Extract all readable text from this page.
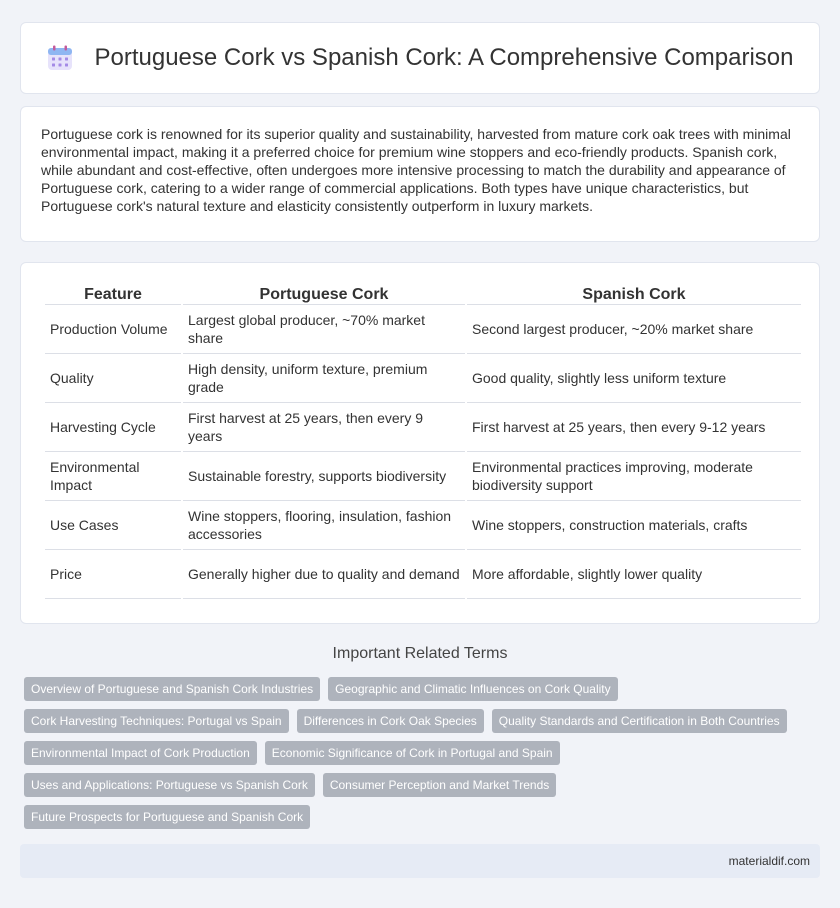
Portuguese Cork vs Spanish Cork: A Comprehensive Comparison

Portuguese cork is renowned for its superior quality and sustainability, harvested from mature cork oak trees with minimal environmental impact, making it a preferred choice for premium wine stoppers and eco-friendly products. Spanish cork, while abundant and cost-effective, often undergoes more intensive processing to match the durability and appearance of Portuguese cork, catering to a wider range of commercial applications. Both types have unique characteristics, but Portuguese cork's natural texture and elasticity consistently outperform in luxury markets.

Feature	Portuguese Cork	Spanish Cork
Production Volume	Largest global producer, ~70% market share	Second largest producer, ~20% market share
Quality	High density, uniform texture, premium grade	Good quality, slightly less uniform texture
Harvesting Cycle	First harvest at 25 years, then every 9 years	First harvest at 25 years, then every 9-12 years
Environmental Impact	Sustainable forestry, supports biodiversity	Environmental practices improving, moderate biodiversity support
Use Cases	Wine stoppers, flooring, insulation, fashion accessories	Wine stoppers, construction materials, crafts
Price	Generally higher due to quality and demand	More affordable, slightly lower quality
Important Related Terms
Overview of Portuguese and Spanish Cork Industries	Geographic and Climatic Influences on Cork Quality
Cork Harvesting Techniques: Portugal vs Spain	Differences in Cork Oak Species	Quality Standards and Certification in Both Countries
Environmental Impact of Cork Production	Economic Significance of Cork in Portugal and Spain
Uses and Applications: Portuguese vs Spanish Cork	Consumer Perception and Market Trends
Future Prospects for Portuguese and Spanish Cork
materialdif.com
